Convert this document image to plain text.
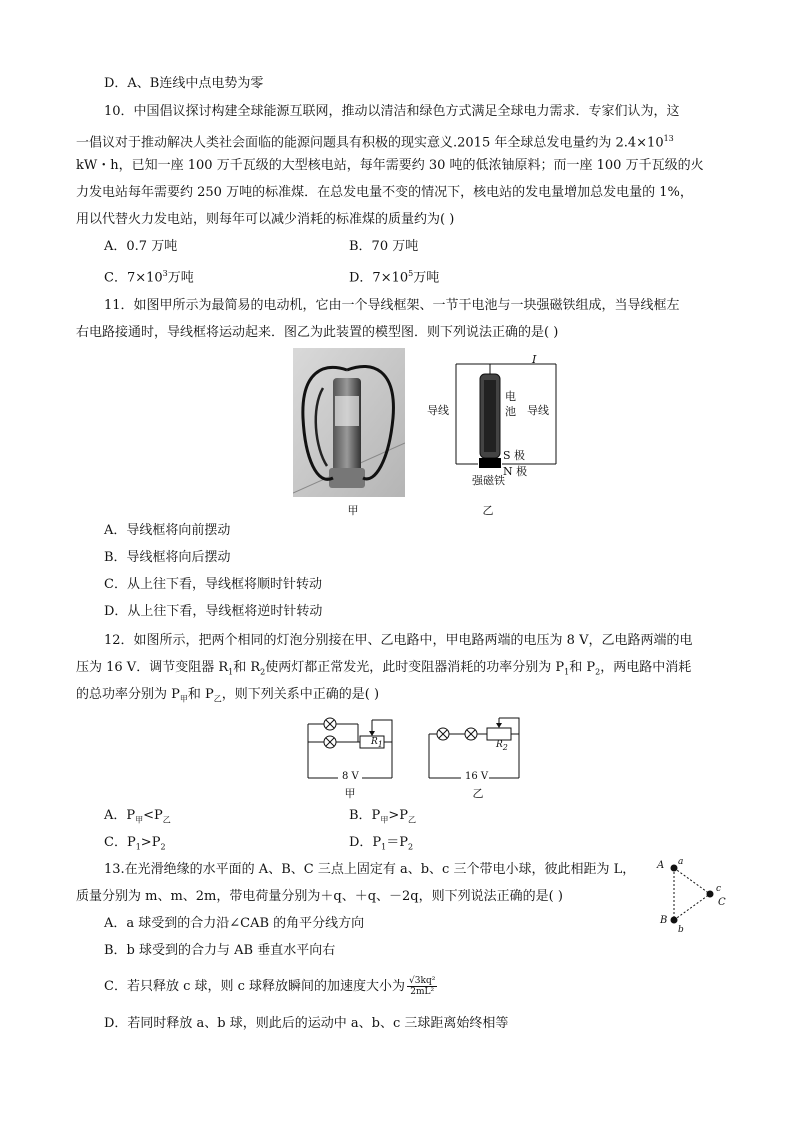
D．A、B连线中点电势为零
10．中国倡议探讨构建全球能源互联网，推动以清洁和绿色方式满足全球电力需求．专家们认为，这
一倡议对于推动解决人类社会面临的能源问题具有积极的现实意义.2015 年全球总发电量约为 $2.4\times 10^{13}$
kW・h，已知一座 100 万千瓦级的大型核电站，每年需要约 30 吨的低浓铀原料；而一座 100 万千瓦级的火
力发电站每年需要约 250 万吨的标准煤．在总发电量不变的情况下，核电站的发电量增加总发电量的 1%，
用以代替火力发电站，则每年可以减少消耗的标准煤的质量约为( )
A．0.7 万吨	B．70 万吨
C．$7\times 10^3$万吨	D．$7\times 10^5$万吨
11．如图甲所示为最简易的电动机，它由一个导线框架、一节干电池与一块强磁铁组成，当导线框左
右电路接通时，导线框将运动起来．图乙为此装置的模型图．则下列说法正确的是( )
甲
I
电
池
导线	导线
S 极
N 极
强磁铁
乙
A．导线框将向前摆动
B．导线框将向后摆动
C．从上往下看，导线框将顺时针转动
D．从上往下看，导线框将逆时针转动
12．如图所示，把两个相同的灯泡分别接在甲、乙电路中，甲电路两端的电压为 8 V，乙电路两端的电
压为 16 V．调节变阻器 $R_1$和 $R_2$使两灯都正常发光，此时变阻器消耗的功率分别为 $P_1$和 $P_2$，两电路中消耗
的总功率分别为 $P_甲$和 $P_乙$，则下列关系中正确的是( )
$R_1$
8 V
甲
$R_2$
16 V
乙
A．$P_甲<P_乙$	B．$P_甲>P_乙$
C．$P_1>P_2$	D．$P_1=P_2$
13.在光滑绝缘的水平面的 A、B、C 三点上固定有 a、b、c 三个带电小球，彼此相距为 L，
质量分别为 m、m、2m，带电荷量分别为＋q、＋q、－2q，则下列说法正确的是( )
A a
B
b
c
C
A．a 球受到的合力沿∠CAB 的角平分线方向
B．b 球受到的合力与 AB 垂直水平向右
C．若只释放 c 球，则 c 球释放瞬间的加速度大小为 $\frac{\text{√3kq²}}{\text{2mL²}}$
D．若同时释放 a、b 球，则此后的运动中 a、b、c 三球距离始终相等
